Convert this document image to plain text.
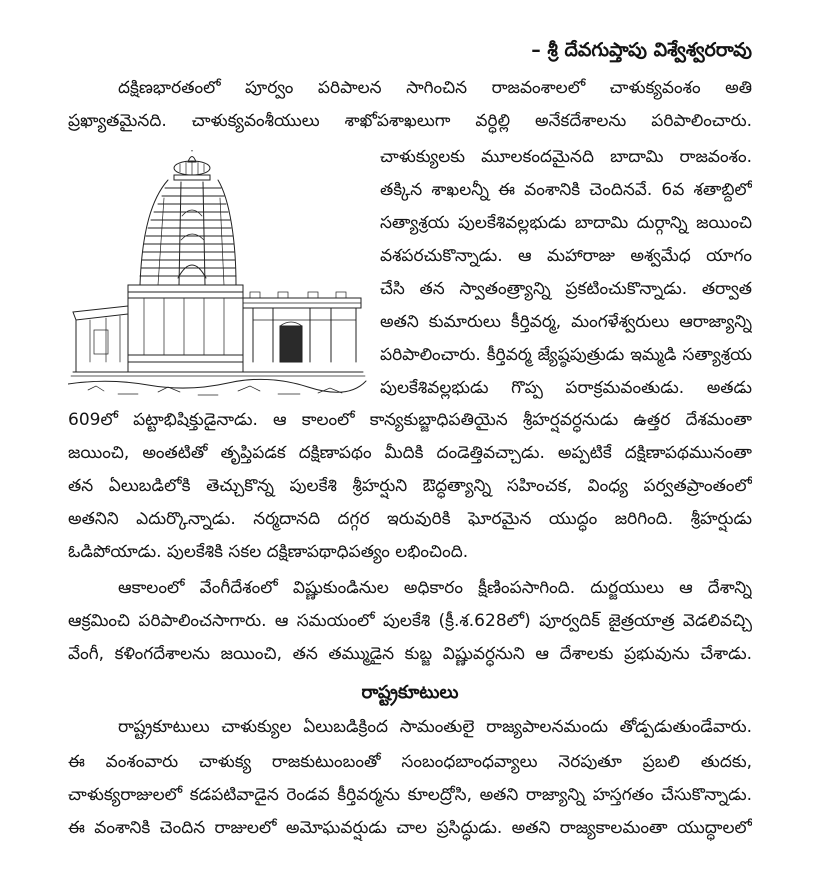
– శ్రీ దేవగుప్తాపు విశ్వేశ్వరరావు
దక్షిణభారతంలో పూర్వం పరిపాలన సాగించిన రాజవంశాలలో చాళుక్యవంశం అతి
ప్రఖ్యాతమైనది. చాళుక్యవంశీయులు శాఖోపశాఖలుగా వర్ధిల్లి అనేకదేశాలను పరిపాలించారు.
చాళుక్యులకు మూలకందమైనది బాదామి రాజవంశం.
తక్కిన శాఖలన్నీ ఈ వంశానికి చెందినవే. 6వ శతాబ్దిలో
సత్యాశ్రయ పులకేశివల్లభుడు బాదామి దుర్గాన్ని జయించి
వశపరచుకొన్నాడు. ఆ మహారాజు అశ్వమేధ యాగం
చేసి తన స్వాతంత్ర్యాన్ని ప్రకటించుకొన్నాడు. తర్వాత
అతని కుమారులు కీర్తివర్మ, మంగళేశ్వరులు ఆరాజ్యాన్ని
పరిపాలించారు. కీర్తివర్మ జ్యేష్ఠపుత్రుడు ఇమ్మడి సత్యాశ్రయ
పులకేశివల్లభుడు గొప్ప పరాక్రమవంతుడు. అతడు
609లో పట్టాభిషిక్తుడైనాడు. ఆ కాలంలో కాన్యకుబ్జాధిపతియైన శ్రీహర్షవర్ధనుడు ఉత్తర దేశమంతా
జయించి, అంతటితో తృప్తిపడక దక్షిణాపథం మీదికి దండెత్తివచ్చాడు. అప్పటికే దక్షిణాపథమునంతా
తన ఏలుబడిలోకి తెచ్చుకొన్న పులకేశి శ్రీహర్షుని ఔద్ధత్యాన్ని సహించక, వింధ్య పర్వతప్రాంతంలో
అతనిని ఎదుర్కొన్నాడు. నర్మదానది దగ్గర ఇరువురికి ఘోరమైన యుద్ధం జరిగింది. శ్రీహర్షుడు
ఓడిపోయాడు. పులకేశికి సకల దక్షిణాపథాధిపత్యం లభించింది.
ఆకాలంలో వేంగీదేశంలో విష్ణుకుండినుల అధికారం క్షీణింపసాగింది. దుర్జయులు ఆ దేశాన్ని
ఆక్రమించి పరిపాలించసాగారు. ఆ సమయంలో పులకేశి (క్రీ.శ.628లో) పూర్వదిక్ జైత్రయాత్ర వెడలివచ్చి
వేంగీ, కళింగదేశాలను జయించి, తన తమ్ముడైన కుబ్జ విష్ణువర్ధనుని ఆ దేశాలకు ప్రభువును చేశాడు.
రాష్ట్రకూటులు
రాష్ట్రకూటులు చాళుక్యుల ఏలుబడిక్రింద సామంతులై రాజ్యపాలనమందు తోడ్పడుతుండేవారు.
ఈ వంశంవారు చాళుక్య రాజకుటుంబంతో సంబంధబాంధవ్యాలు నెరపుతూ ప్రబలి తుదకు,
చాళుక్యరాజులలో కడపటివాడైన రెండవ కీర్తివర్మను కూలద్రోసి, అతని రాజ్యాన్ని హస్తగతం చేసుకొన్నాడు.
ఈ వంశానికి చెందిన రాజులలో అమోఘవర్షుడు చాల ప్రసిద్ధుడు. అతని రాజ్యకాలమంతా యుద్ధాలలో
